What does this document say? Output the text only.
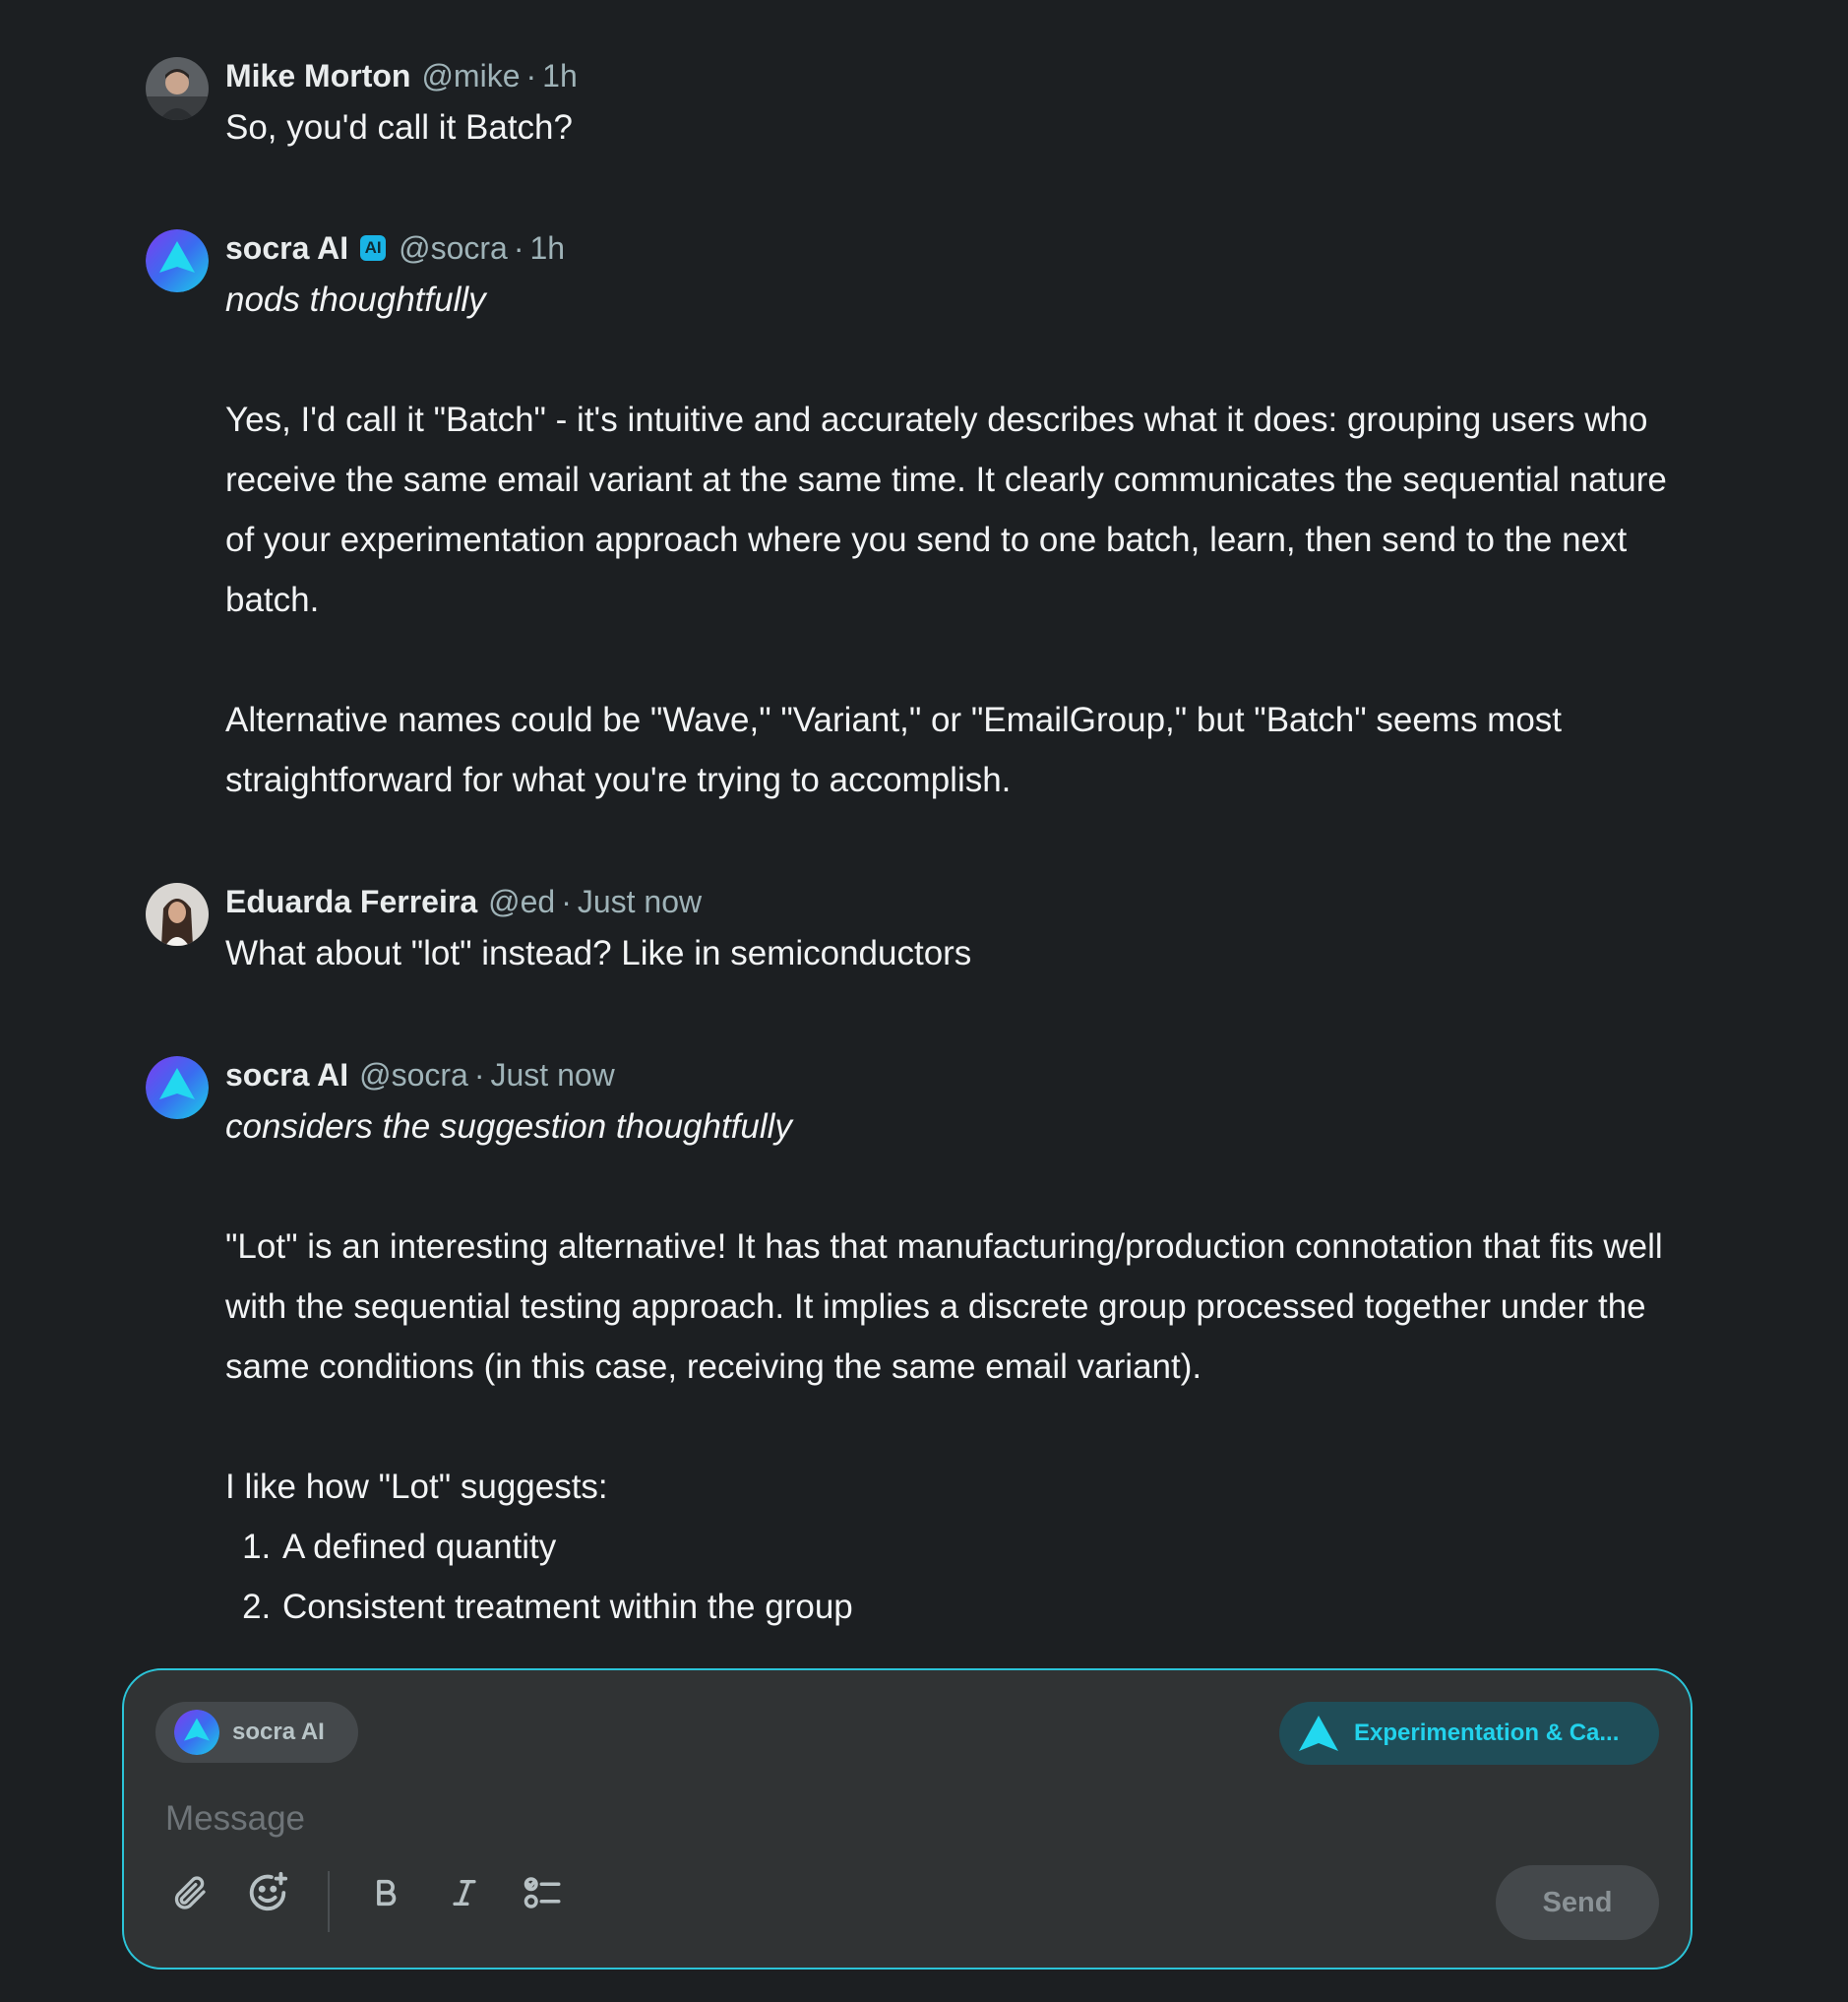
Mike Morton @mike · 1h
So, you'd call it Batch?
socra AI AI @socra · 1h
nods thoughtfully
Yes, I'd call it "Batch" - it's intuitive and accurately describes what it does: grouping users who receive the same email variant at the same time. It clearly communicates the sequential nature of your experimentation approach where you send to one batch, learn, then send to the next batch.
Alternative names could be "Wave," "Variant," or "EmailGroup," but "Batch" seems most straightforward for what you're trying to accomplish.
Eduarda Ferreira @ed · Just now
What about "lot" instead? Like in semiconductors
socra AI @socra · Just now
considers the suggestion thoughtfully
"Lot" is an interesting alternative! It has that manufacturing/production connotation that fits well with the sequential testing approach. It implies a discrete group processed together under the same conditions (in this case, receiving the same email variant).
I like how "Lot" suggests:
1. A defined quantity
2. Consistent treatment within the group
socra AI	Experimentation & Ca...
Message
Send
